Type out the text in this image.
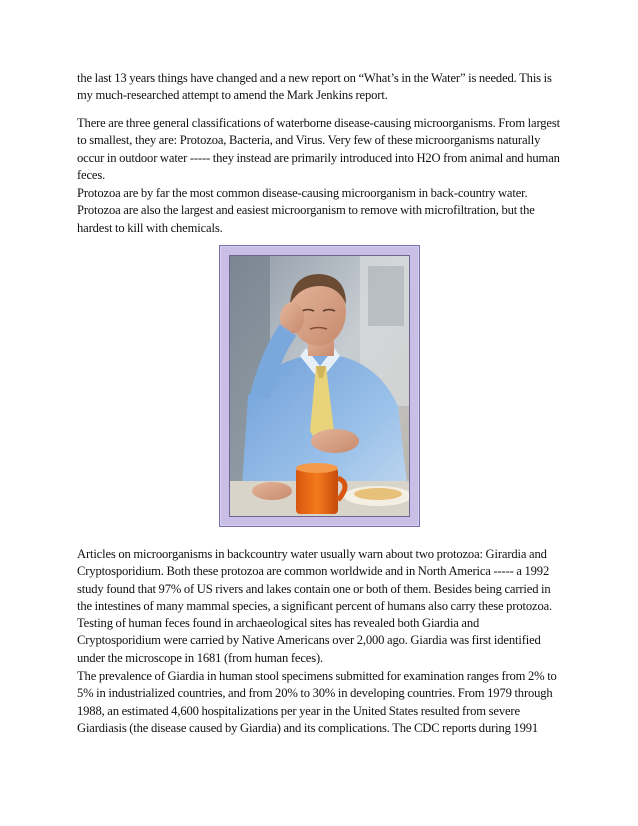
the last 13 years things have changed and a new report on “What’s in the Water” is needed. This is my much-researched attempt to amend the Mark Jenkins report.

There are three general classifications of waterborne disease-causing microorganisms. From largest to smallest, they are: Protozoa, Bacteria, and Virus. Very few of these microorganisms naturally occur in outdoor water ----- they instead are primarily introduced into H2O from animal and human feces.

Protozoa are by far the most common disease-causing microorganism in back-country water. Protozoa are also the largest and easiest microorganism to remove with microfiltration, but the hardest to kill with chemicals.

Articles on microorganisms in backcountry water usually warn about two protozoa: Girardia and Cryptosporidium. Both these protozoa are common worldwide and in North America ----- a 1992 study found that 97% of US rivers and lakes contain one or both of them. Besides being carried in the intestines of many mammal species, a significant percent of humans also carry these protozoa. Testing of human feces found in archaeological sites has revealed both Giardia and Cryptosporidium were carried by Native Americans over 2,000 ago. Giardia was first identified under the microscope in 1681 (from human feces).

The prevalence of Giardia in human stool specimens submitted for examination ranges from 2% to 5% in industrialized countries, and from 20% to 30% in developing countries. From 1979 through 1988, an estimated 4,600 hospitalizations per year in the United States resulted from severe Giardiasis (the disease caused by Giardia) and its complications. The CDC reports during 1991
